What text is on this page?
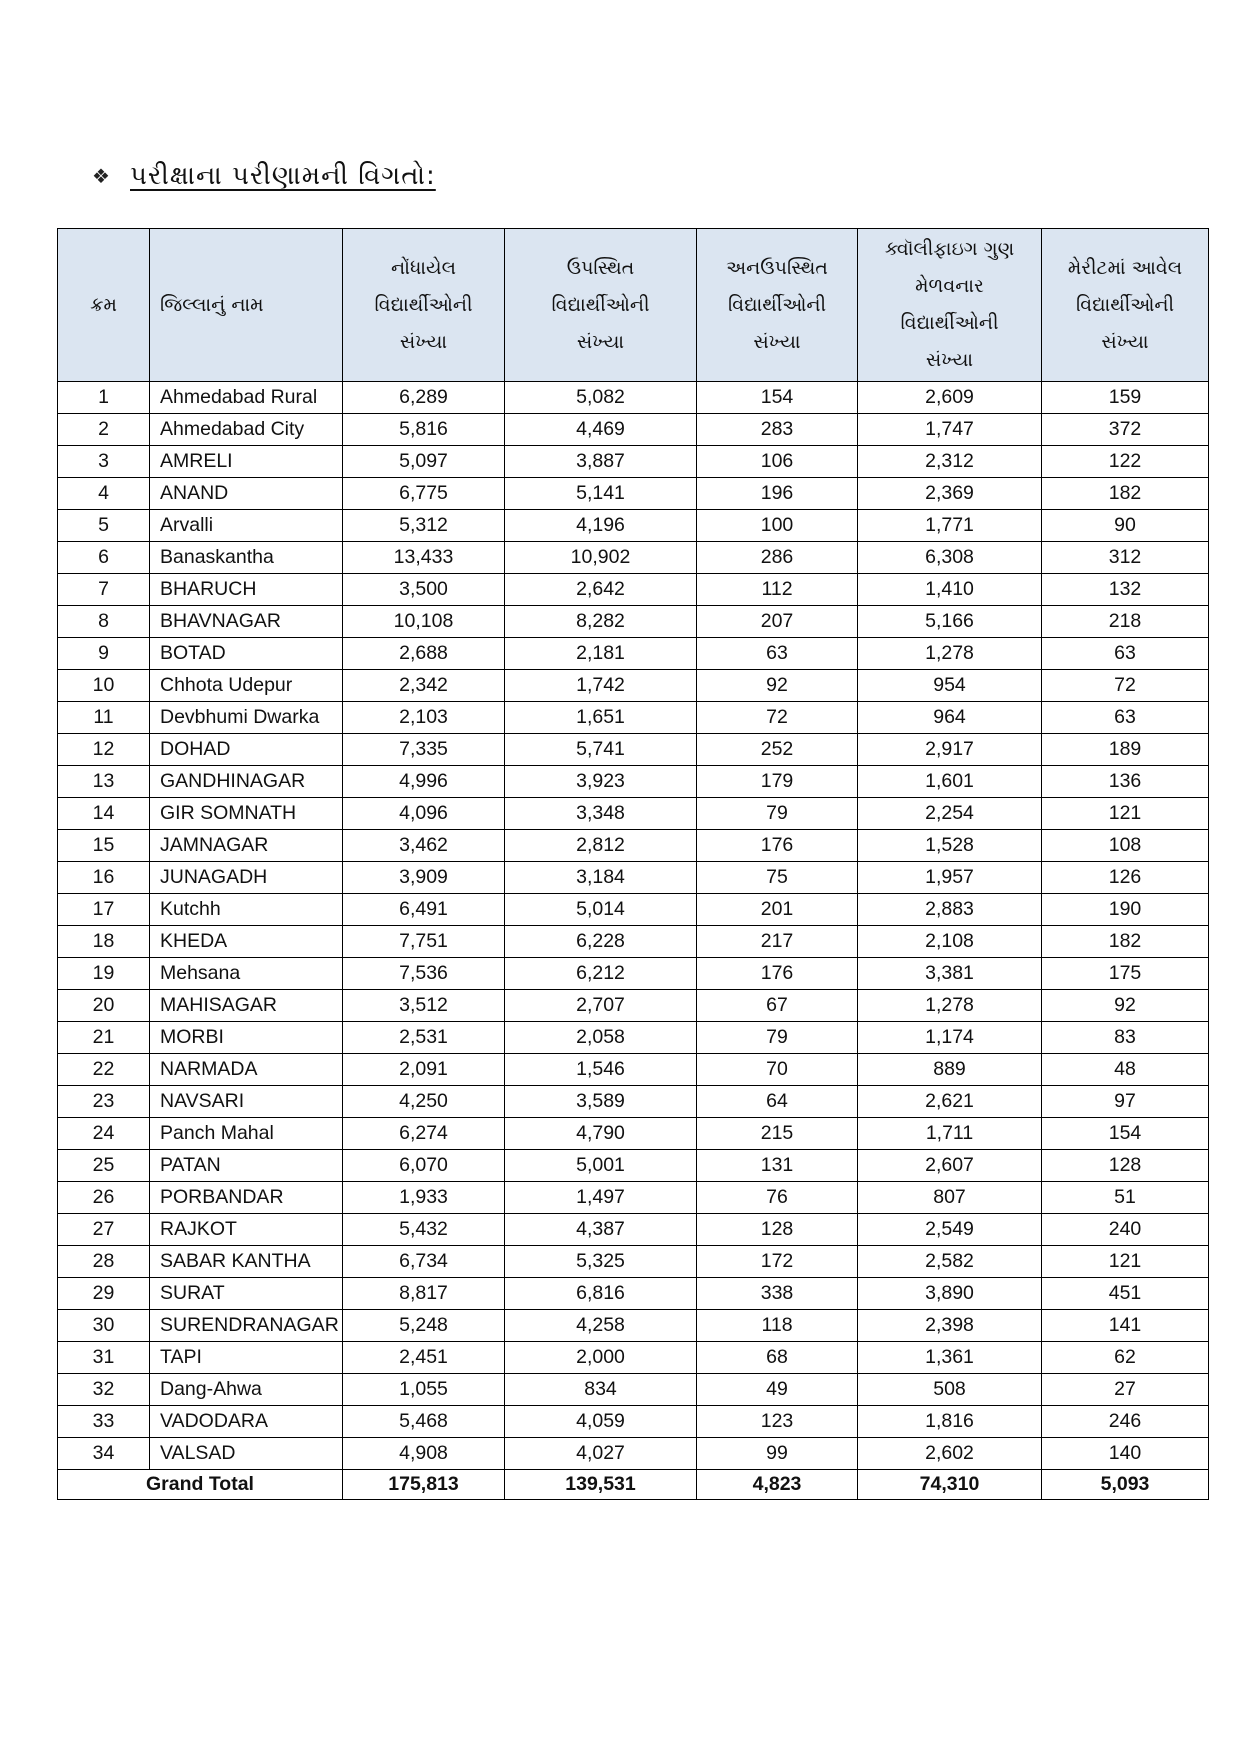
❖ પરીક્ષાના પરીણામની વિગતો:
ક્રમ	જિલ્લાનું નામ	નોંધાયેલ
વિદ્યાર્થીઓની
સંખ્યા	ઉપસ્થિત
વિદ્યાર્થીઓની
સંખ્યા	અનઉપસ્થિત
વિદ્યાર્થીઓની
સંખ્યા	ક્વૉલીફાઇગ ગુણ
મેળવનાર
વિદ્યાર્થીઓની
સંખ્યા	મેરીટમાં આવેલ
વિદ્યાર્થીઓની
સંખ્યા

1	Ahmedabad Rural	6,289	5,082	154	2,609	159
2	Ahmedabad City	5,816	4,469	283	1,747	372
3	AMRELI	5,097	3,887	106	2,312	122
4	ANAND	6,775	5,141	196	2,369	182
5	Arvalli	5,312	4,196	100	1,771	90
6	Banaskantha	13,433	10,902	286	6,308	312
7	BHARUCH	3,500	2,642	112	1,410	132
8	BHAVNAGAR	10,108	8,282	207	5,166	218
9	BOTAD	2,688	2,181	63	1,278	63
10	Chhota Udepur	2,342	1,742	92	954	72
11	Devbhumi Dwarka	2,103	1,651	72	964	63
12	DOHAD	7,335	5,741	252	2,917	189
13	GANDHINAGAR	4,996	3,923	179	1,601	136
14	GIR SOMNATH	4,096	3,348	79	2,254	121
15	JAMNAGAR	3,462	2,812	176	1,528	108
16	JUNAGADH	3,909	3,184	75	1,957	126
17	Kutchh	6,491	5,014	201	2,883	190
18	KHEDA	7,751	6,228	217	2,108	182
19	Mehsana	7,536	6,212	176	3,381	175
20	MAHISAGAR	3,512	2,707	67	1,278	92
21	MORBI	2,531	2,058	79	1,174	83
22	NARMADA	2,091	1,546	70	889	48
23	NAVSARI	4,250	3,589	64	2,621	97
24	Panch Mahal	6,274	4,790	215	1,711	154
25	PATAN	6,070	5,001	131	2,607	128
26	PORBANDAR	1,933	1,497	76	807	51
27	RAJKOT	5,432	4,387	128	2,549	240
28	SABAR KANTHA	6,734	5,325	172	2,582	121
29	SURAT	8,817	6,816	338	3,890	451
30	SURENDRANAGAR	5,248	4,258	118	2,398	141
31	TAPI	2,451	2,000	68	1,361	62
32	Dang-Ahwa	1,055	834	49	508	27
33	VADODARA	5,468	4,059	123	1,816	246
34	VALSAD	4,908	4,027	99	2,602	140
Grand Total		175,813	139,531	4,823	74,310	5,093
